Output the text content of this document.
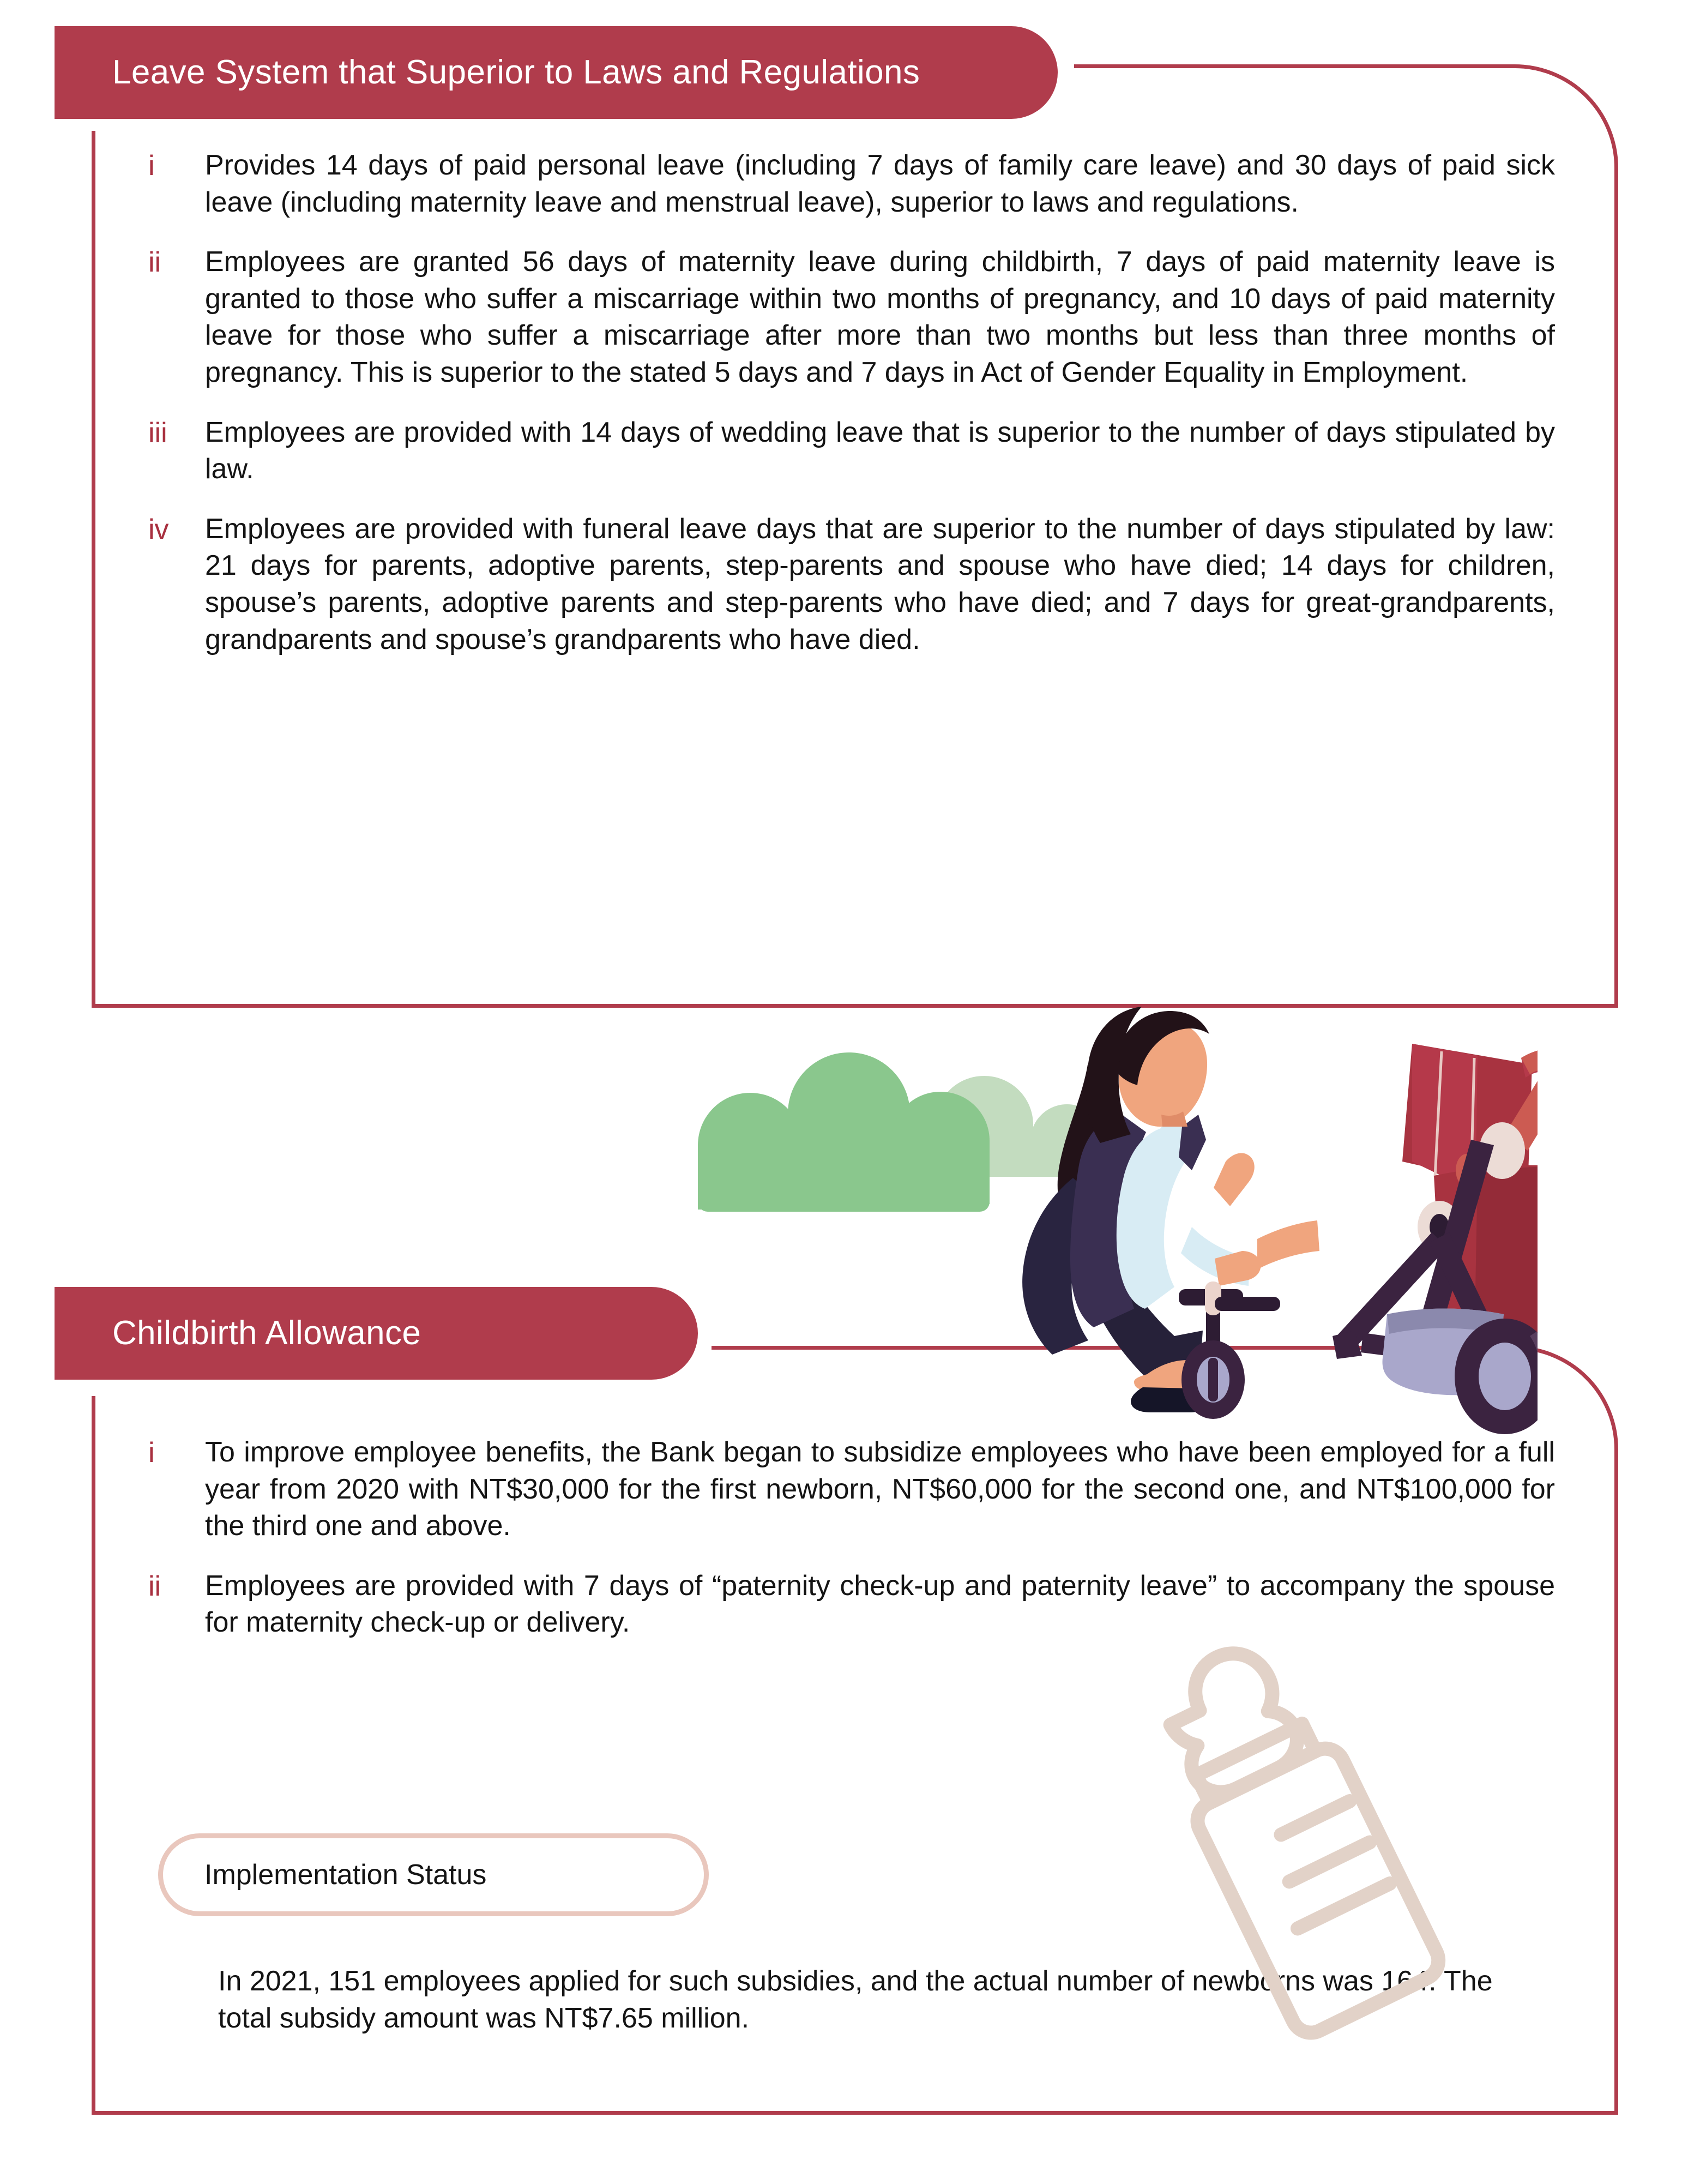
Leave System that Superior to Laws and Regulations
i	Provides 14 days of paid personal leave (including 7 days of family care leave) and 30 days of paid sick leave (including maternity leave and menstrual leave), superior to laws and regulations.
ii	Employees are granted 56 days of maternity leave during childbirth, 7 days of paid maternity leave is granted to those who suffer a miscarriage within two months of pregnancy, and 10 days of paid maternity leave for those who suffer a miscarriage after more than two months but less than three months of pregnancy. This is superior to the stated 5 days and 7 days in Act of Gender Equality in Employment.
iii	Employees are provided with 14 days of wedding leave that is superior to the number of days stipulated by law.
iv	Employees are provided with funeral leave days that are superior to the number of days stipulated by law: 21 days for parents, adoptive parents, step-parents and spouse who have died; 14 days for children, spouse’s parents, adoptive parents and step-parents who have died; and 7 days for great-grandparents, grandparents and spouse’s grandparents who have died.
Childbirth Allowance
i	To improve employee benefits, the Bank began to subsidize employees who have been employed for a full year from 2020 with NT$30,000 for the first newborn, NT$60,000 for the second one, and NT$100,000 for the third one and above.
ii	Employees are provided with 7 days of “paternity check-up and paternity leave” to accompany the spouse for maternity check-up or delivery.
Implementation Status
In 2021, 151 employees applied for such subsidies, and the actual number of newborns was 164. The total subsidy amount was NT$7.65 million.
